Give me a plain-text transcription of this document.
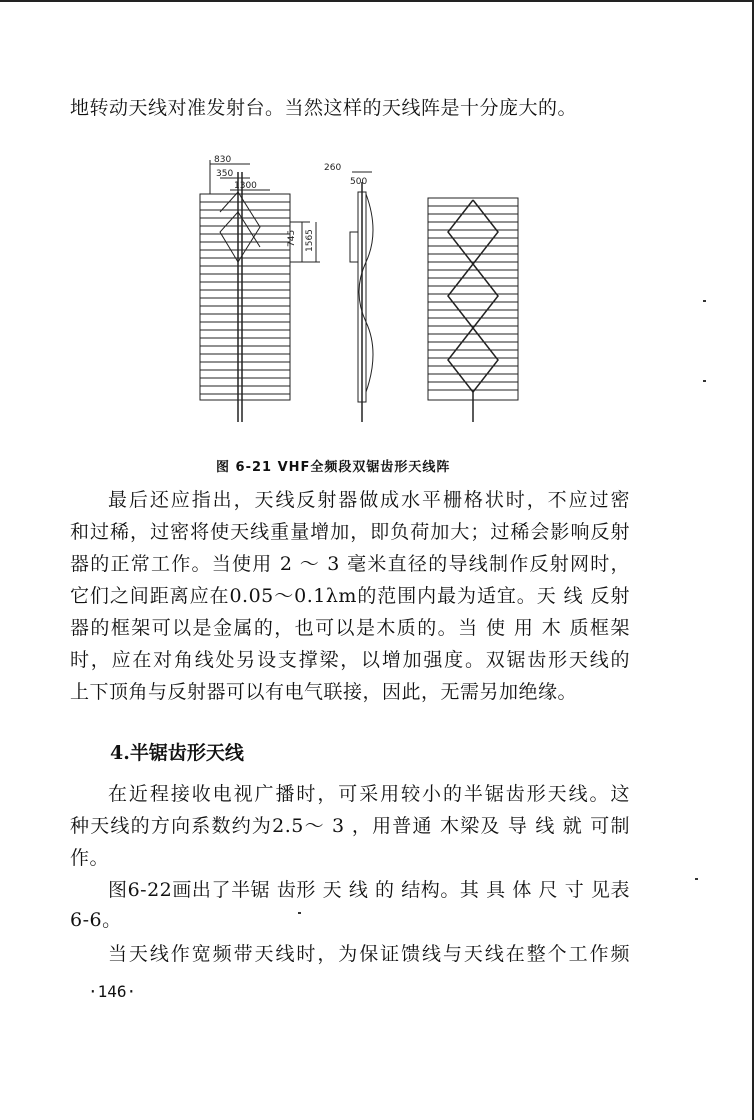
地转动天线对准发射台。当然这样的天线阵是十分庞大的。
830
350
1300
745 1565
260
500
图 6-21 VHF全频段双锯齿形天线阵
最后还应指出，天线反射器做成水平栅格状时，不应过密
和过稀，过密将使天线重量增加，即负荷加大；过稀会影响反射
器的正常工作。当使用 2 ～ 3 毫米直径的导线制作反射网时，
它们之间距离应在0.05～0.1λm的范围内最为适宜。天 线 反射
器的框架可以是金属的，也可以是木质的。当 使 用 木 质框架
时，应在对角线处另设支撑梁，以增加强度。双锯齿形天线的
上下顶角与反射器可以有电气联接，因此，无需另加绝缘。
4.半锯齿形天线
在近程接收电视广播时，可采用较小的半锯齿形天线。这
种天线的方向系数约为2.5～ 3 ，用普通 木梁及 导 线 就 可制
作。
图6-22画出了半锯 齿形 天 线 的 结构。其 具 体 尺 寸 见表
6-6。
当天线作宽频带天线时，为保证馈线与天线在整个工作频
·146·
